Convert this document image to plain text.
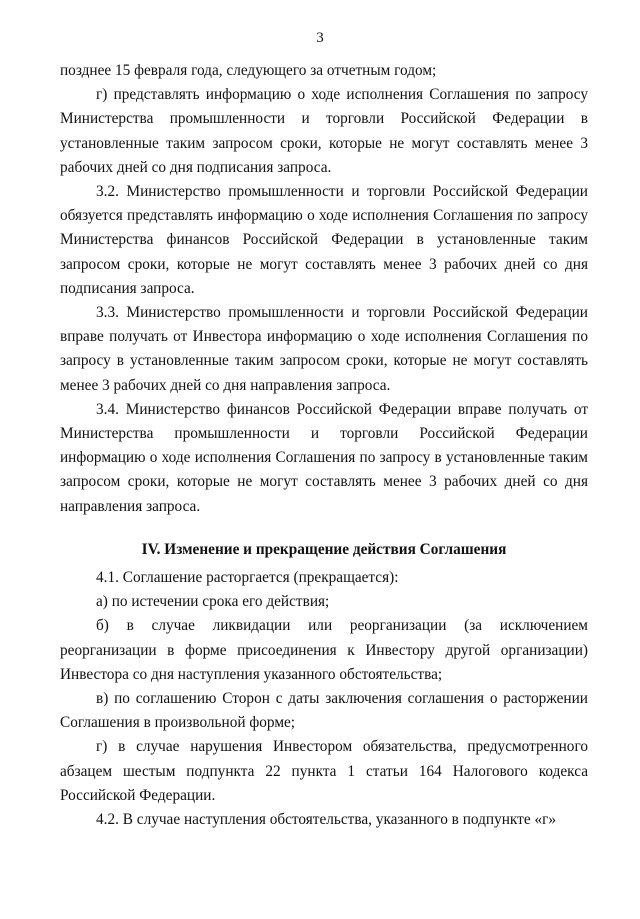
3

позднее 15 февраля года, следующего за отчетным годом;

г) представлять информацию о ходе исполнения Соглашения по запросу Министерства промышленности и торговли Российской Федерации в установленные таким запросом сроки, которые не могут составлять менее 3 рабочих дней со дня подписания запроса.

3.2. Министерство промышленности и торговли Российской Федерации обязуется представлять информацию о ходе исполнения Соглашения по запросу Министерства финансов Российской Федерации в установленные таким запросом сроки, которые не могут составлять менее 3 рабочих дней со дня подписания запроса.

3.3. Министерство промышленности и торговли Российской Федерации вправе получать от Инвестора информацию о ходе исполнения Соглашения по запросу в установленные таким запросом сроки, которые не могут составлять менее 3 рабочих дней со дня направления запроса.

3.4. Министерство финансов Российской Федерации вправе получать от Министерства промышленности и торговли Российской Федерации информацию о ходе исполнения Соглашения по запросу в установленные таким запросом сроки, которые не могут составлять менее 3 рабочих дней со дня направления запроса.

IV. Изменение и прекращение действия Соглашения

4.1. Соглашение расторгается (прекращается):

а) по истечении срока его действия;

б) в случае ликвидации или реорганизации (за исключением реорганизации в форме присоединения к Инвестору другой организации) Инвестора со дня наступления указанного обстоятельства;

в) по соглашению Сторон с даты заключения соглашения о расторжении Соглашения в произвольной форме;

г) в случае нарушения Инвестором обязательства, предусмотренного абзацем шестым подпункта 22 пункта 1 статьи 164 Налогового кодекса Российской Федерации.

4.2. В случае наступления обстоятельства, указанного в подпункте «г»
